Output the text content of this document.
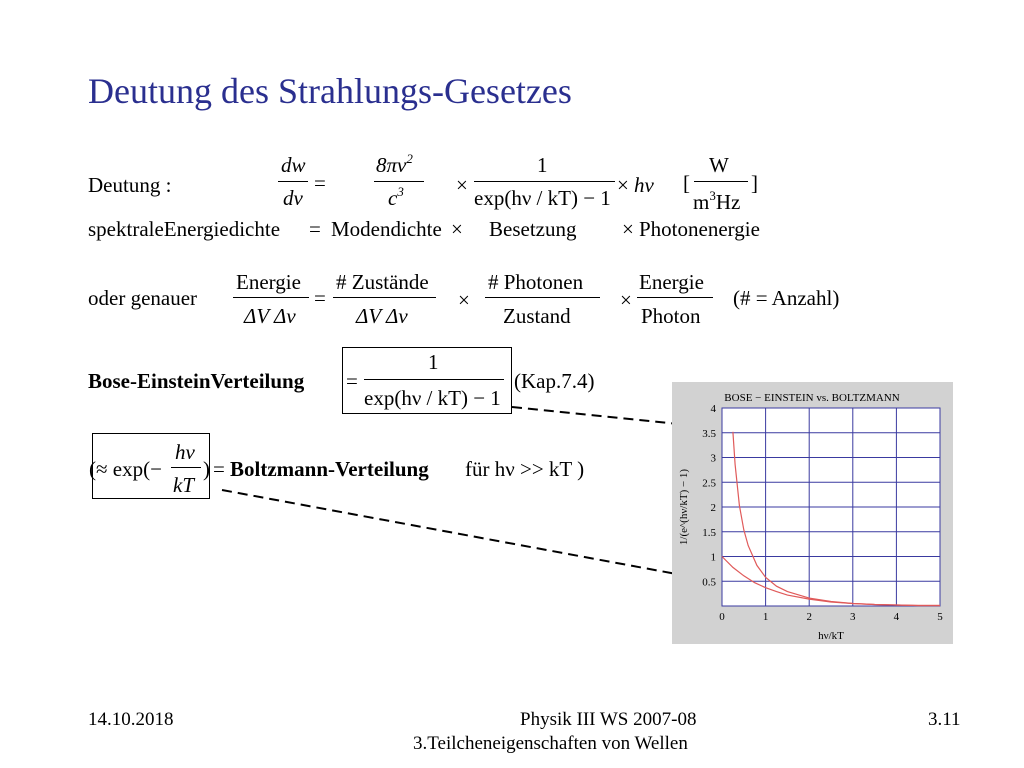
Deutung des Strahlungs-Gesetzes
Deutung :
dw
dν
=
$8\pi\nu^2$
$c^3$ ×
1
exp(hν / kT) − 1
× hν [
W
$m^3Hz$
]
spektraleEnergiedichte = Modendichte × Besetzung × Photonenergie
oder genauer
Energie
ΔV Δν
=
# Zustände
ΔV Δν
×
# Photonen
Zustand
×
Energie
Photon
(# = Anzahl)
Bose-EinsteinVerteilung =
1
exp(hν / kT) − 1
(Kap.7.4)
(≈ exp(−
hν
kT
) = Boltzmann-Verteilung für hν >> kT )
BOSE − EINSTEIN vs. BOLTZMANN
0	1	2	3	4	5
0.5
1
1.5
2
2.5
3
3.5
4
hν/kT
1/(e^(hν/kT) − 1)
14.10.2018	Physik III WS 2007-08
3.Teilcheneigenschaften von Wellen
3.11
